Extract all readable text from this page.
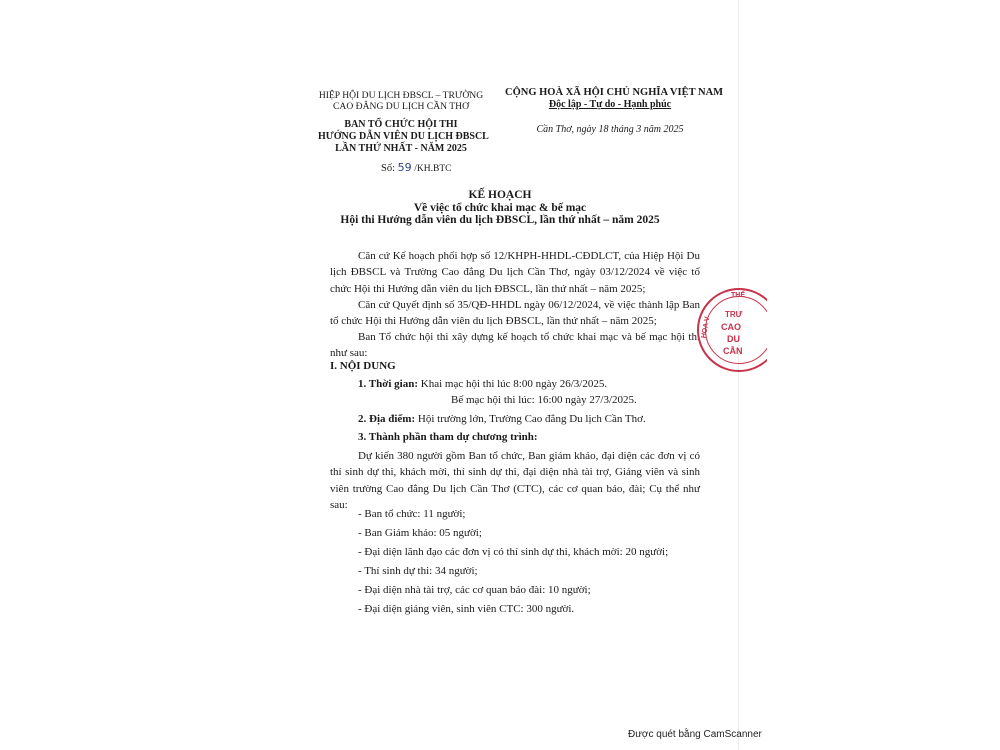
HIỆP HỘI DU LỊCH ĐBSCL – TRƯỜNG
CAO ĐẲNG DU LỊCH CẦN THƠ
BAN TỔ CHỨC HỘI THI
HƯỚNG DẪN VIÊN DU LỊCH ĐBSCL
LẦN THỨ NHẤT - NĂM 2025
Số: 59 /KH.BTC
CỘNG HOÀ XÃ HỘI CHỦ NGHĨA VIỆT NAM
Độc lập - Tự do - Hạnh phúc
Cần Thơ, ngày 18 tháng 3 năm 2025
KẾ HOẠCH
Về việc tổ chức khai mạc & bế mạc
Hội thi Hướng dẫn viên du lịch ĐBSCL, lần thứ nhất – năm 2025
Căn cứ Kế hoạch phối hợp số 12/KHPH-HHDL-CĐDLCT, của Hiệp Hội Du lịch ĐBSCL và Trường Cao đẳng Du lịch Cần Thơ, ngày 03/12/2024 về việc tổ chức Hội thi Hướng dẫn viên du lịch ĐBSCL, lần thứ nhất – năm 2025;
Căn cứ Quyết định số 35/QĐ-HHDL ngày 06/12/2024, về việc thành lập Ban tổ chức Hội thi Hướng dẫn viên du lịch ĐBSCL, lần thứ nhất – năm 2025;
Ban Tổ chức hội thi xây dựng kế hoạch tổ chức khai mạc và bế mạc hội thi như sau:
I. NỘI DUNG
1. Thời gian: Khai mạc hội thi lúc 8:00 ngày 26/3/2025.
Bế mạc hội thi lúc: 16:00 ngày 27/3/2025.
2. Địa điểm: Hội trường lớn, Trường Cao đẳng Du lịch Cần Thơ.
3. Thành phần tham dự chương trình:
Dự kiến 380 người gồm Ban tổ chức, Ban giám khảo, đại diện các đơn vị có thí sinh dự thi, khách mời, thí sinh dự thi, đại diện nhà tài trợ, Giảng viên và sinh viên trường Cao đẳng Du lịch Cần Thơ (CTC), các cơ quan báo, đài; Cụ thể như sau:
- Ban tổ chức: 11 người;
- Ban Giám khảo: 05 người;
- Đại diện lãnh đạo các đơn vị có thí sinh dự thi, khách mời: 20 người;
- Thí sinh dự thi: 34 người;
- Đại diện nhà tài trợ, các cơ quan báo đài: 10 người;
- Đại diện giảng viên, sinh viên CTC: 300 người.
THẾ
TRƯ
CAO
DU
CẦN
HOA V
Được quét bằng CamScanner
